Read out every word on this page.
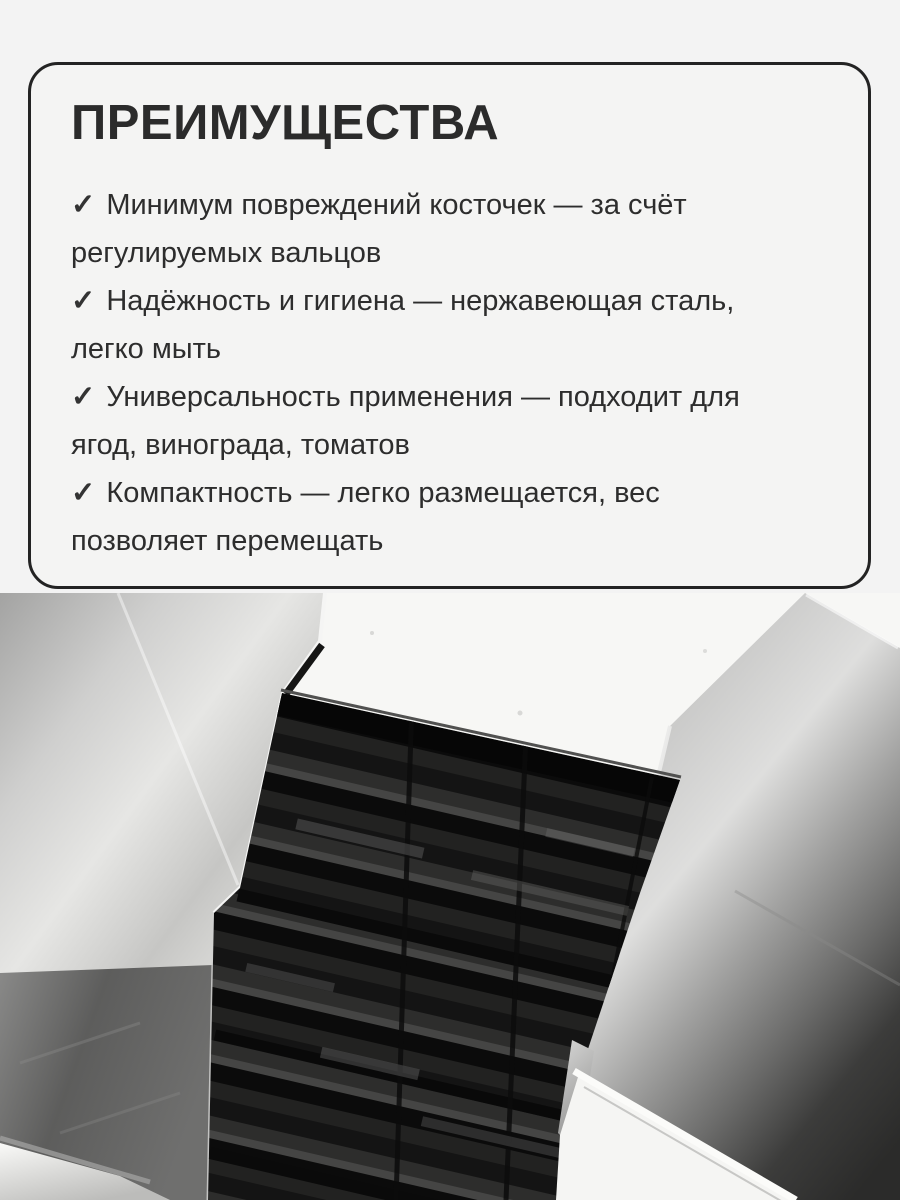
ПРЕИМУЩЕСТВА

✓ Минимум повреждений косточек — за счёт
регулируемых вальцов

✓ Надёжность и гигиена — нержавеющая сталь,
легко мыть

✓ Универсальность применения — подходит для
ягод, винограда, томатов

✓ Компактность — легко размещается, вес
позволяет перемещать
